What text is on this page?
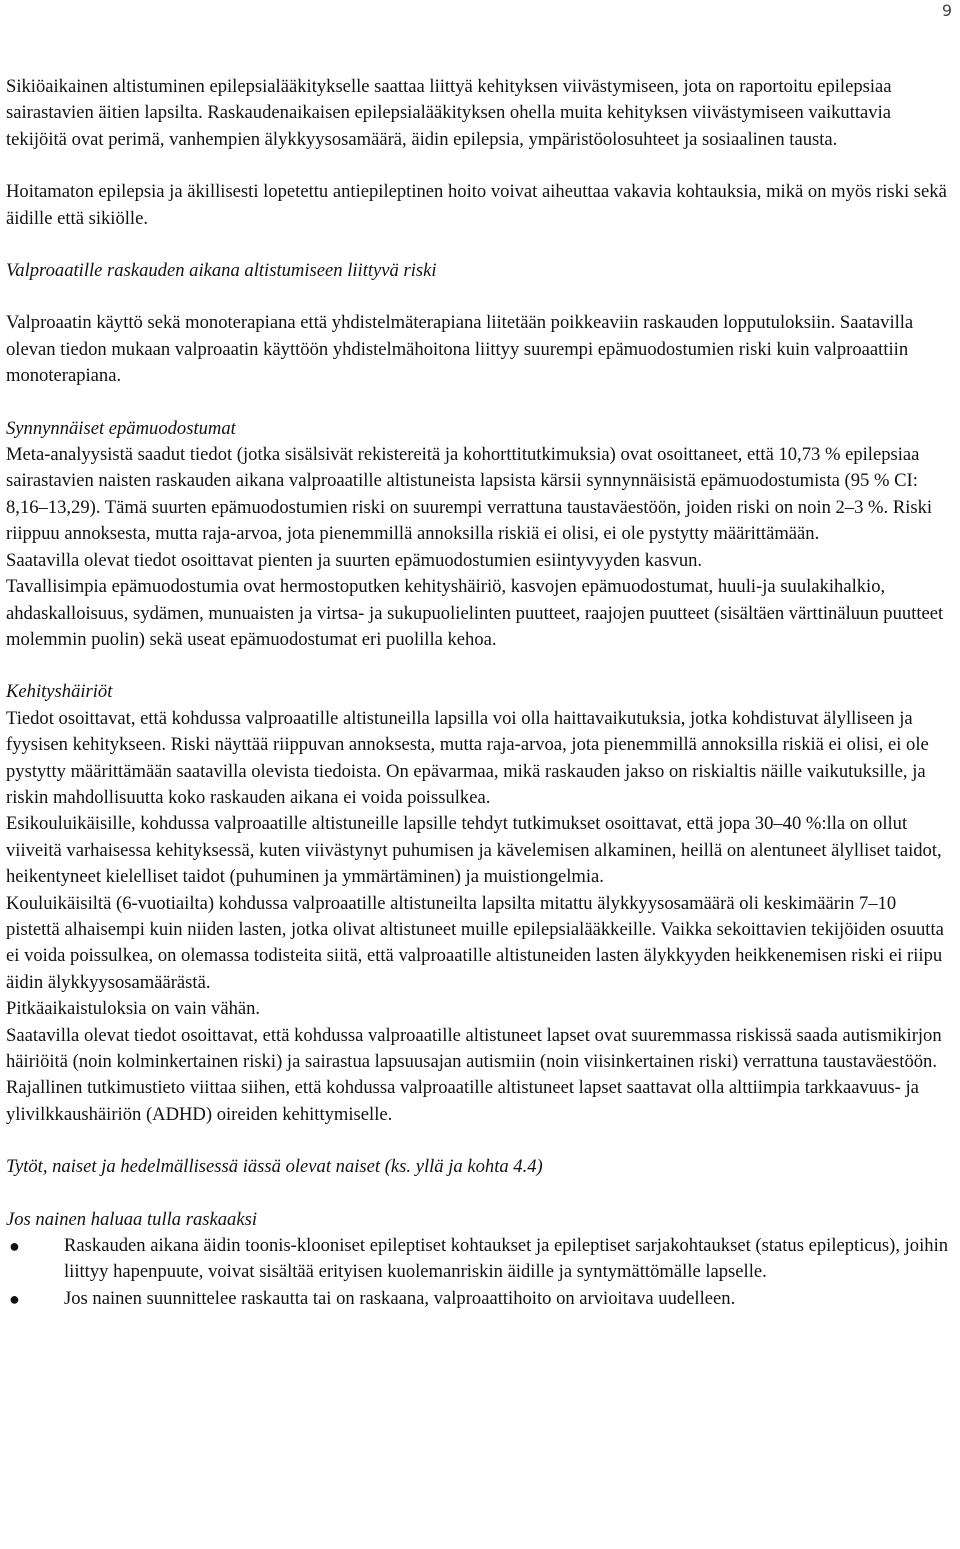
9

Sikiöaikainen altistuminen epilepsialääkitykselle saattaa liittyä kehityksen viivästymiseen, jota on raportoitu epilepsiaa sairastavien äitien lapsilta. Raskaudenaikaisen epilepsialääkityksen ohella muita kehityksen viivästymiseen vaikuttavia tekijöitä ovat perimä, vanhempien älykkyysosamäärä, äidin epilepsia, ympäristöolosuhteet ja sosiaalinen tausta.

Hoitamaton epilepsia ja äkillisesti lopetettu antiepileptinen hoito voivat aiheuttaa vakavia kohtauksia, mikä on myös riski sekä äidille että sikiölle.

Valproaatille raskauden aikana altistumiseen liittyvä riski

Valproaatin käyttö sekä monoterapiana että yhdistelmäterapiana liitetään poikkeaviin raskauden lopputuloksiin. Saatavilla olevan tiedon mukaan valproaatin käyttöön yhdistelmähoitona liittyy suurempi epämuodostumien riski kuin valproaattiin monoterapiana.

Synnynnäiset epämuodostumat

Meta-analyysistä saadut tiedot (jotka sisälsivät rekistereitä ja kohorttitutkimuksia) ovat osoittaneet, että 10,73 % epilepsiaa sairastavien naisten raskauden aikana valproaatille altistuneista lapsista kärsii synnynnäisistä epämuodostumista (95 % CI: 8,16–13,29). Tämä suurten epämuodostumien riski on suurempi verrattuna taustaväestöön, joiden riski on noin 2–3 %. Riski riippuu annoksesta, mutta raja-arvoa, jota pienemmillä annoksilla riskiä ei olisi, ei ole pystytty määrittämään.

Saatavilla olevat tiedot osoittavat pienten ja suurten epämuodostumien esiintyvyyden kasvun.

Tavallisimpia epämuodostumia ovat hermostoputken kehityshäiriö, kasvojen epämuodostumat, huuli-ja suulakihalkio, ahdaskalloisuus, sydämen, munuaisten ja virtsa- ja sukupuolielinten puutteet, raajojen puutteet (sisältäen värttinäluun puutteet molemmin puolin) sekä useat epämuodostumat eri puolilla kehoa.

Kehityshäiriöt

Tiedot osoittavat, että kohdussa valproaatille altistuneilla lapsilla voi olla haittavaikutuksia, jotka kohdistuvat älylliseen ja fyysisen kehitykseen. Riski näyttää riippuvan annoksesta, mutta raja-arvoa, jota pienemmillä annoksilla riskiä ei olisi, ei ole pystytty määrittämään saatavilla olevista tiedoista. On epävarmaa, mikä raskauden jakso on riskialtis näille vaikutuksille, ja riskin mahdollisuutta koko raskauden aikana ei voida poissulkea.

Esikouluikäisille, kohdussa valproaatille altistuneille lapsille tehdyt tutkimukset osoittavat, että jopa 30–40 %:lla on ollut viiveitä varhaisessa kehityksessä, kuten viivästynyt puhumisen ja kävelemisen alkaminen, heillä on alentuneet älylliset taidot, heikentyneet kielelliset taidot (puhuminen ja ymmärtäminen) ja muistiongelmia.

Kouluikäisiltä (6-vuotiailta) kohdussa valproaatille altistuneilta lapsilta mitattu älykkyysosamäärä oli keskimäärin 7–10 pistettä alhaisempi kuin niiden lasten, jotka olivat altistuneet muille epilepsialääkkeille. Vaikka sekoittavien tekijöiden osuutta ei voida poissulkea, on olemassa todisteita siitä, että valproaatille altistuneiden lasten älykkyyden heikkenemisen riski ei riipu äidin älykkyysosamäärästä.

Pitkäaikaistuloksia on vain vähän.

Saatavilla olevat tiedot osoittavat, että kohdussa valproaatille altistuneet lapset ovat suuremmassa riskissä saada autismikirjon häiriöitä (noin kolminkertainen riski) ja sairastua lapsuusajan autismiin (noin viisinkertainen riski) verrattuna taustaväestöön.

Rajallinen tutkimustieto viittaa siihen, että kohdussa valproaatille altistuneet lapset saattavat olla alttiimpia tarkkaavuus- ja ylivilkkaushäiriön (ADHD) oireiden kehittymiselle.

Tytöt, naiset ja hedelmällisessä iässä olevat naiset (ks. yllä ja kohta 4.4)

Jos nainen haluaa tulla raskaaksi

● Raskauden aikana äidin toonis-klooniset epileptiset kohtaukset ja epileptiset sarjakohtaukset (status epilepticus), joihin liittyy hapenpuute, voivat sisältää erityisen kuolemanriskin äidille ja syntymättömälle lapselle.
● Jos nainen suunnittelee raskautta tai on raskaana, valproaattihoito on arvioitava uudelleen.
